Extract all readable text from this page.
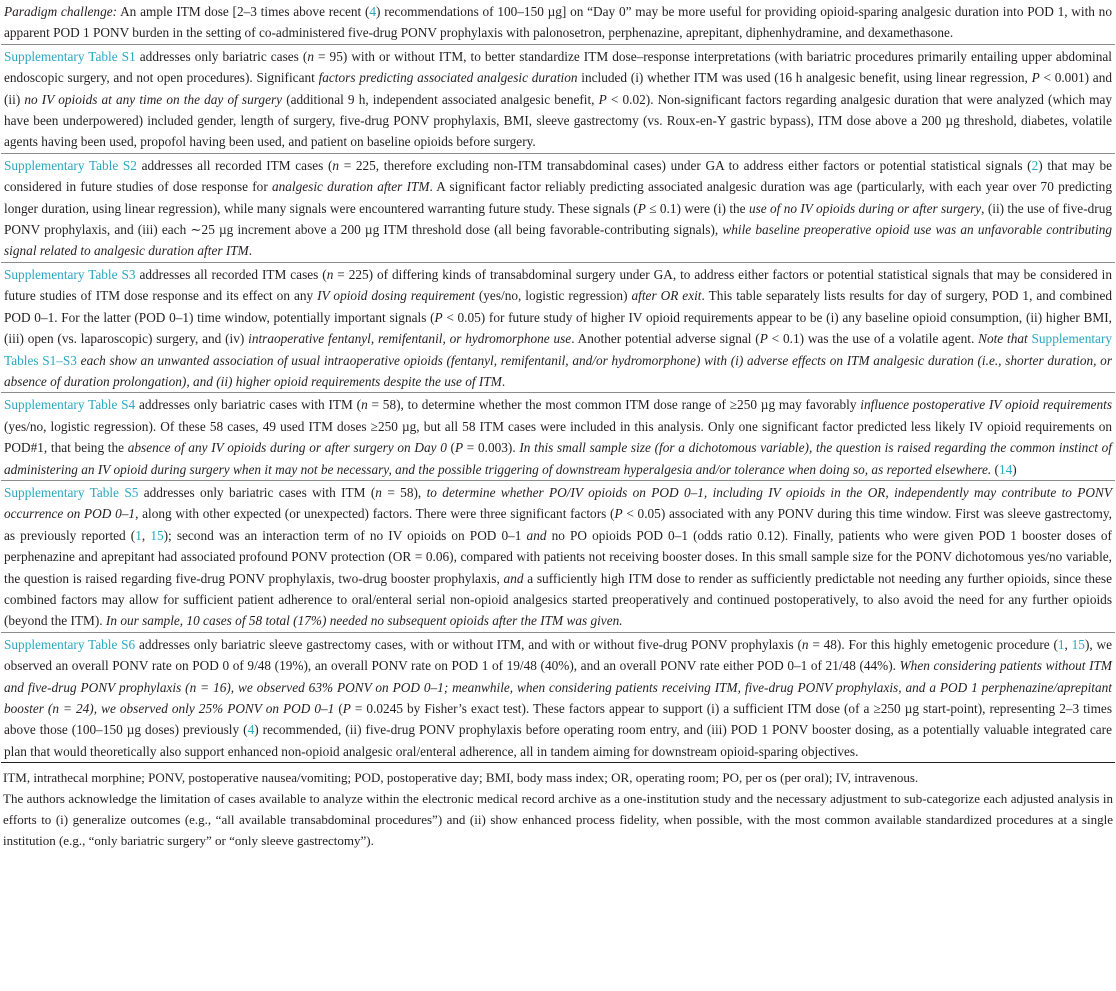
Paradigm challenge: An ample ITM dose [2–3 times above recent (4) recommendations of 100–150 µg] on “Day 0” may be more useful for providing opioid-sparing analgesic duration into POD 1, with no apparent POD 1 PONV burden in the setting of co-administered five-drug PONV prophylaxis with palonosetron, perphenazine, aprepitant, diphenhydramine, and dexamethasone.
Supplementary Table S1 addresses only bariatric cases (n = 95) with or without ITM, to better standardize ITM dose–response interpretations (with bariatric procedures primarily entailing upper abdominal endoscopic surgery, and not open procedures). Significant factors predicting associated analgesic duration included (i) whether ITM was used (16 h analgesic benefit, using linear regression, P < 0.001) and (ii) no IV opioids at any time on the day of surgery (additional 9 h, independent associated analgesic benefit, P < 0.02). Non-significant factors regarding analgesic duration that were analyzed (which may have been underpowered) included gender, length of surgery, five-drug PONV prophylaxis, BMI, sleeve gastrectomy (vs. Roux-en-Y gastric bypass), ITM dose above a 200 µg threshold, diabetes, volatile agents having been used, propofol having been used, and patient on baseline opioids before surgery.
Supplementary Table S2 addresses all recorded ITM cases (n = 225, therefore excluding non-ITM transabdominal cases) under GA to address either factors or potential statistical signals (2) that may be considered in future studies of dose response for analgesic duration after ITM. A significant factor reliably predicting associated analgesic duration was age (particularly, with each year over 70 predicting longer duration, using linear regression), while many signals were encountered warranting future study. These signals (P ≤ 0.1) were (i) the use of no IV opioids during or after surgery, (ii) the use of five-drug PONV prophylaxis, and (iii) each ∼25 µg increment above a 200 µg ITM threshold dose (all being favorable-contributing signals), while baseline preoperative opioid use was an unfavorable contributing signal related to analgesic duration after ITM.
Supplementary Table S3 addresses all recorded ITM cases (n = 225) of differing kinds of transabdominal surgery under GA, to address either factors or potential statistical signals that may be considered in future studies of ITM dose response and its effect on any IV opioid dosing requirement (yes/no, logistic regression) after OR exit. This table separately lists results for day of surgery, POD 1, and combined POD 0–1. For the latter (POD 0–1) time window, potentially important signals (P < 0.05) for future study of higher IV opioid requirements appear to be (i) any baseline opioid consumption, (ii) higher BMI, (iii) open (vs. laparoscopic) surgery, and (iv) intraoperative fentanyl, remifentanil, or hydromorphone use. Another potential adverse signal (P < 0.1) was the use of a volatile agent. Note that Supplementary Tables S1–S3 each show an unwanted association of usual intraoperative opioids (fentanyl, remifentanil, and/or hydromorphone) with (i) adverse effects on ITM analgesic duration (i.e., shorter duration, or absence of duration prolongation), and (ii) higher opioid requirements despite the use of ITM.
Supplementary Table S4 addresses only bariatric cases with ITM (n = 58), to determine whether the most common ITM dose range of ≥250 µg may favorably influence postoperative IV opioid requirements (yes/no, logistic regression). Of these 58 cases, 49 used ITM doses ≥250 µg, but all 58 ITM cases were included in this analysis. Only one significant factor predicted less likely IV opioid requirements on POD#1, that being the absence of any IV opioids during or after surgery on Day 0 (P = 0.003). In this small sample size (for a dichotomous variable), the question is raised regarding the common instinct of administering an IV opioid during surgery when it may not be necessary, and the possible triggering of downstream hyperalgesia and/or tolerance when doing so, as reported elsewhere. (14)
Supplementary Table S5 addresses only bariatric cases with ITM (n = 58), to determine whether PO/IV opioids on POD 0–1, including IV opioids in the OR, independently may contribute to PONV occurrence on POD 0–1, along with other expected (or unexpected) factors. There were three significant factors (P < 0.05) associated with any PONV during this time window. First was sleeve gastrectomy, as previously reported (1, 15); second was an interaction term of no IV opioids on POD 0–1 and no PO opioids POD 0–1 (odds ratio 0.12). Finally, patients who were given POD 1 booster doses of perphenazine and aprepitant had associated profound PONV protection (OR = 0.06), compared with patients not receiving booster doses. In this small sample size for the PONV dichotomous yes/no variable, the question is raised regarding five-drug PONV prophylaxis, two-drug booster prophylaxis, and a sufficiently high ITM dose to render as sufficiently predictable not needing any further opioids, since these combined factors may allow for sufficient patient adherence to oral/enteral serial non-opioid analgesics started preoperatively and continued postoperatively, to also avoid the need for any further opioids (beyond the ITM). In our sample, 10 cases of 58 total (17%) needed no subsequent opioids after the ITM was given.
Supplementary Table S6 addresses only bariatric sleeve gastrectomy cases, with or without ITM, and with or without five-drug PONV prophylaxis (n = 48). For this highly emetogenic procedure (1, 15), we observed an overall PONV rate on POD 0 of 9/48 (19%), an overall PONV rate on POD 1 of 19/48 (40%), and an overall PONV rate either POD 0–1 of 21/48 (44%). When considering patients without ITM and five-drug PONV prophylaxis (n = 16), we observed 63% PONV on POD 0–1; meanwhile, when considering patients receiving ITM, five-drug PONV prophylaxis, and a POD 1 perphenazine/aprepitant booster (n = 24), we observed only 25% PONV on POD 0–1 (P = 0.0245 by Fisher’s exact test). These factors appear to support (i) a sufficient ITM dose (of a ≥250 µg start-point), representing 2–3 times above those (100–150 µg doses) previously (4) recommended, (ii) five-drug PONV prophylaxis before operating room entry, and (iii) POD 1 PONV booster dosing, as a potentially valuable integrated care plan that would theoretically also support enhanced non-opioid analgesic oral/enteral adherence, all in tandem aiming for downstream opioid-sparing objectives.
ITM, intrathecal morphine; PONV, postoperative nausea/vomiting; POD, postoperative day; BMI, body mass index; OR, operating room; PO, per os (per oral); IV, intravenous.
The authors acknowledge the limitation of cases available to analyze within the electronic medical record archive as a one-institution study and the necessary adjustment to sub-categorize each adjusted analysis in efforts to (i) generalize outcomes (e.g., “all available transabdominal procedures”) and (ii) show enhanced process fidelity, when possible, with the most common available standardized procedures at a single institution (e.g., “only bariatric surgery” or “only sleeve gastrectomy”).
